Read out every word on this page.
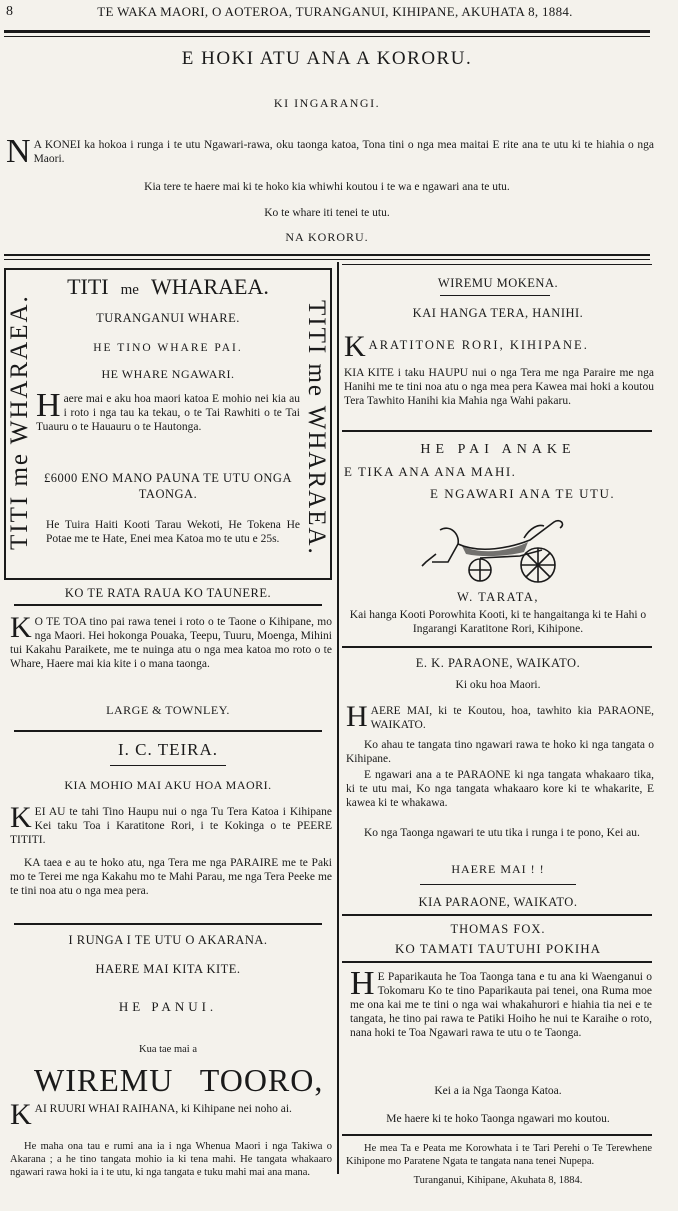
8	TE WAKA MAORI, O AOTEROA, TURANGANUI, KIHIPANE, AKUHATA 8, 1884.
E HOKI ATU ANA A KORORU.
KI INGARANGI.
N A KONEI ka hokoa i runga i te utu Ngawari-rawa, oku taonga katoa, Tona tini o nga mea maitai E rite ana te utu ki te hiahia o nga Maori.
Kia tere te haere mai ki te hoko kia whiwhi koutou i te wa e ngawari ana te utu.
Ko te whare iti tenei te utu.
NA KORORU.
TITI me WHARAEA.	TITI me WHARAEA.
TITI me WHARAEA.
TURANGANUI WHARE.
HE TINO WHARE PAI.
HE WHARE NGAWARI.
Haere mai e aku hoa maori katoa E mohio nei kia au i roto i nga tau ka tekau, o te Tai Rawhiti o te Tai Tuauru o te Hauauru o te Hautonga.
£6000 ENO MANO PAUNA TE UTU ONGA TAONGA.
He Tuira Haiti Kooti Tarau Wekoti, He Tokena He Potae me te Hate, Enei mea Katoa mo te utu e 25s.
KO TE RATA RAUA KO TAUNERE.
K O TE TOA tino pai rawa tenei i roto o te Taone o Kihipane, mo nga Maori. Hei hokonga Pouaka, Teepu, Tuuru, Moenga, Mihini tui Kakahu Paraikete, me te nuinga atu o nga mea katoa mo roto o te Whare, Haere mai kia kite i o mana taonga.
LARGE & TOWNLEY.
I. C. TEIRA.
KIA MOHIO MAI AKU HOA MAORI.
KEI AU te tahi Tino Haupu nui o nga Tu Tera Katoa i Kihipane Kei taku Toa i Karatitone Rori, i te Kokinga o te PEERE TITITI.
KA taea e au te hoko atu, nga Tera me nga PARAIRE me te Paki mo te Terei me nga Kakahu mo te Mahi Parau, me nga Tera Peeke me te tini noa atu o nga mea pera.
I RUNGA I TE UTU O AKARANA.
HAERE MAI KITA KITE.
HE PANUI.
Kua tae mai a
WIREMU   TOORO,
KAI RUURI WHAI RAIHANA, ki Kihipane nei noho ai.
He maha ona tau e rumi ana ia i nga Whenua Maori i nga Takiwa o Akarana ; a he tino tangata mohio ia ki tena mahi. He tangata whakaaro ngawari rawa hoki ia i te utu, ki nga tangata e tuku mahi mai ana mana.
WIREMU MOKENA.
KAI HANGA TERA, HANIHI.
KARATITONE RORI, KIHIPANE.
KIA KITE i taku HAUPU nui o nga Tera me nga Paraire me nga Hanihi me te tini noa atu o nga mea pera Kawea mai hoki a koutou Tera Tawhito Hanihi kia Mahia nga Wahi pakaru.
HE PAI ANAKE
E TIKA ANA ANA MAHI.
E NGAWARI ANA TE UTU.
W. TARATA,
Kai hanga Kooti Porowhita Kooti, ki te hangaitanga ki te Hahi o Ingarangi Karatitone Rori, Kihipone.
E. K. PARAONE, WAIKATO.
Ki oku hoa Maori.
HAERE MAI, ki te Koutou, hoa, tawhito kia PARAONE, WAIKATO.
Ko ahau te tangata tino ngawari rawa te hoko ki nga tangata o Kihipane.
E ngawari ana a te PARAONE ki nga tangata whakaaro tika, ki te utu mai, Ko nga tangata whakaaro kore ki te whakarite, E kawea ki te whakawa.
Ko nga Taonga ngawari te utu tika i runga i te pono, Kei au.
HAERE MAI ! !
KIA PARAONE, WAIKATO.
THOMAS FOX.
KO TAMATI TAUTUHI POKIHA
H E Paparikauta he Toa Taonga tana e tu ana ki Waenganui o Tokomaru Ko te tino Paparikauta pai tenei, ona Ruma moe me ona kai me te tini o nga wai whakahurori e hiahia tia nei e te tangata, he tino pai rawa te Patiki Hoiho he nui te Karaihe o roto, nana hoki te Toa Ngawari rawa te utu o te Taonga.
Kei a ia Nga Taonga Katoa.
Me haere ki te hoko Taonga ngawari mo koutou.
He mea Ta e Peata me Korowhata i te Tari Perehi o Te Terewhene Kihipone mo Paratene Ngata te tangata nana tenei Nupepa.
Turanganui, Kihipane, Akuhata 8, 1884.
